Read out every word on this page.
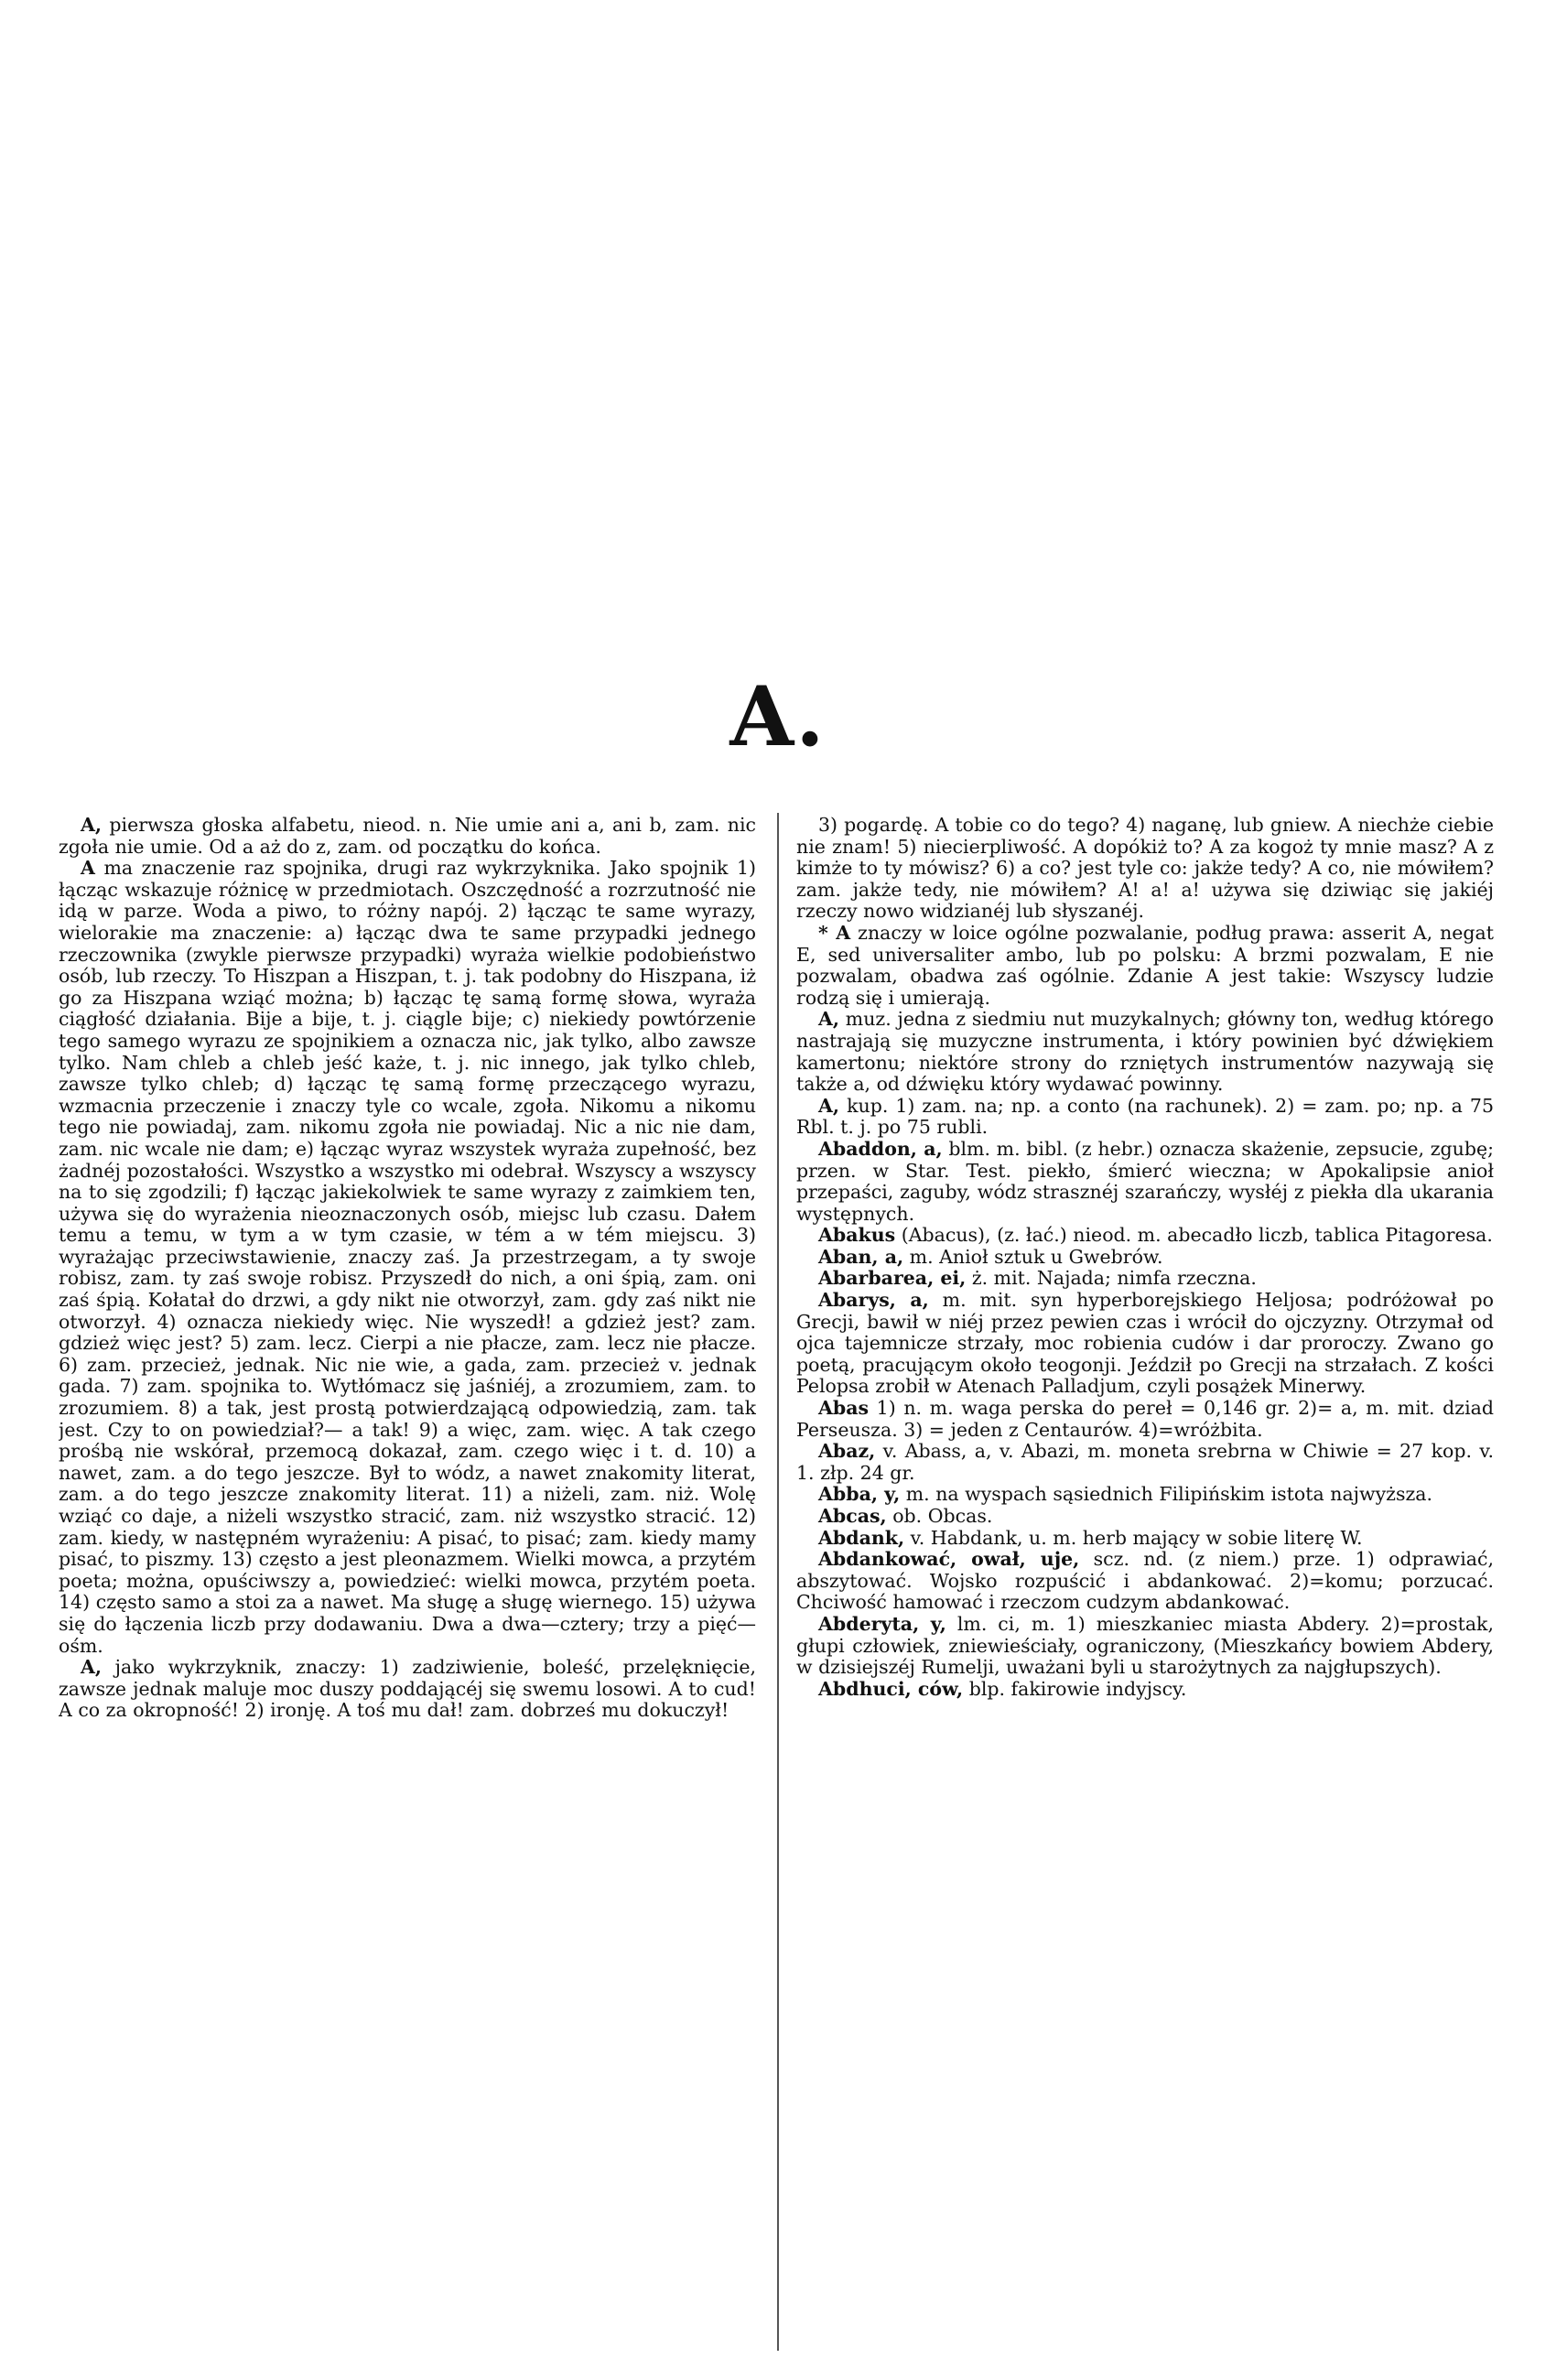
A.

A, pierwsza głoska alfabetu, nieod. n. Nie umie ani a, ani b, zam. nic zgoła nie umie. Od a aż do z, zam. od początku do końca.

A ma znaczenie raz spojnika, drugi raz wykrzyknika. Jako spojnik 1) łącząc wskazuje różnicę w przedmiotach. Oszczędność a rozrzutność nie idą w parze. Woda a piwo, to różny napój. 2) łącząc te same wyrazy, wielorakie ma znaczenie: a) łącząc dwa te same przypadki jednego rzeczownika (zwykle pierwsze przypadki) wyraża wielkie podobieństwo osób, lub rzeczy. To Hiszpan a Hiszpan, t. j. tak podobny do Hiszpana, iż go za Hiszpana wziąć można; b) łącząc tę samą formę słowa, wyraża ciągłość działania. Bije a bije, t. j. ciągle bije; c) niekiedy powtórzenie tego samego wyrazu ze spojnikiem a oznacza nic, jak tylko, albo zawsze tylko. Nam chleb a chleb jeść każe, t. j. nic innego, jak tylko chleb, zawsze tylko chleb; d) łącząc tę samą formę przeczącego wyrazu, wzmacnia przeczenie i znaczy tyle co wcale, zgoła. Nikomu a nikomu tego nie powiadaj, zam. nikomu zgoła nie powiadaj. Nic a nic nie dam, zam. nic wcale nie dam; e) łącząc wyraz wszystek wyraża zupełność, bez żadnéj pozostałości. Wszystko a wszystko mi odebrał. Wszyscy a wszyscy na to się zgodzili; f) łącząc jakiekolwiek te same wyrazy z zaimkiem ten, używa się do wyrażenia nieoznaczonych osób, miejsc lub czasu. Dałem temu a temu, w tym a w tym czasie, w tém a w tém miejscu. 3) wyrażając przeciwstawienie, znaczy zaś. Ja przestrzegam, a ty swoje robisz, zam. ty zaś swoje robisz. Przyszedł do nich, a oni śpią, zam. oni zaś śpią. Kołatał do drzwi, a gdy nikt nie otworzył, zam. gdy zaś nikt nie otworzył. 4) oznacza niekiedy więc. Nie wyszedł! a gdzież jest? zam. gdzież więc jest? 5) zam. lecz. Cierpi a nie płacze, zam. lecz nie płacze. 6) zam. przecież, jednak. Nic nie wie, a gada, zam. przecież v. jednak gada. 7) zam. spojnika to. Wytłómacz się jaśniéj, a zrozumiem, zam. to zrozumiem. 8) a tak, jest prostą potwierdzającą odpowiedzią, zam. tak jest. Czy to on powiedział?— a tak! 9) a więc, zam. więc. A tak czego prośbą nie wskórał, przemocą dokazał, zam. czego więc i t. d. 10) a nawet, zam. a do tego jeszcze. Był to wódz, a nawet znakomity literat, zam. a do tego jeszcze znakomity literat. 11) a niżeli, zam. niż. Wolę wziąć co daje, a niżeli wszystko stracić, zam. niż wszystko stracić. 12) zam. kiedy, w następném wyrażeniu: A pisać, to pisać; zam. kiedy mamy pisać, to piszmy. 13) często a jest pleonazmem. Wielki mowca, a przytém poeta; można, opuściwszy a, powiedzieć: wielki mowca, przytém poeta. 14) często samo a stoi za a nawet. Ma sługę a sługę wiernego. 15) używa się do łączenia liczb przy dodawaniu. Dwa a dwa—cztery; trzy a pięć—ośm.

A, jako wykrzyknik, znaczy: 1) zadziwienie, boleść, przelęknięcie, zawsze jednak maluje moc duszy poddającéj się swemu losowi. A to cud! A co za okropność! 2) ironję. A toś mu dał! zam. dobrześ mu dokuczył!

3) pogardę. A tobie co do tego? 4) naganę, lub gniew. A niechże ciebie nie znam! 5) niecierpliwość. A dopókiż to? A za kogoż ty mnie masz? A z kimże to ty mówisz? 6) a co? jest tyle co: jakże tedy? A co, nie mówiłem? zam. jakże tedy, nie mówiłem? A! a! a! używa się dziwiąc się jakiéj rzeczy nowo widzianéj lub słyszanéj.

* A znaczy w loice ogólne pozwalanie, podług prawa: asserit A, negat E, sed universaliter ambo, lub po polsku: A brzmi pozwalam, E nie pozwalam, obadwa zaś ogólnie. Zdanie A jest takie: Wszyscy ludzie rodzą się i umierają.

A, muz. jedna z siedmiu nut muzykalnych; główny ton, według którego nastrajają się muzyczne instrumenta, i który powinien być dźwiękiem kamertonu; niektóre strony do rzniętych instrumentów nazywają się także a, od dźwięku który wydawać powinny.

A, kup. 1) zam. na; np. a conto (na rachunek). 2) = zam. po; np. a 75 Rbl. t. j. po 75 rubli.

Abaddon, a, blm. m. bibl. (z hebr.) oznacza skażenie, zepsucie, zgubę; przen. w Star. Test. piekło, śmierć wieczna; w Apokalipsie anioł przepaści, zaguby, wódz strasznéj szarańczy, wysłéj z piekła dla ukarania występnych.

Abakus (Abacus), (z. łać.) nieod. m. abecadło liczb, tablica Pitagoresa.

Aban, a, m. Anioł sztuk u Gwebrów.

Abarbarea, ei, ż. mit. Najada; nimfa rzeczna.

Abarys, a, m. mit. syn hyperborejskiego Heljosa; podróżował po Grecji, bawił w niéj przez pewien czas i wrócił do ojczyzny. Otrzymał od ojca tajemnicze strzały, moc robienia cudów i dar proroczy. Zwano go poetą, pracującym około teogonji. Jeździł po Grecji na strzałach. Z kości Pelopsa zrobił w Atenach Palladjum, czyli posążek Minerwy.

Abas 1) n. m. waga perska do pereł = 0,146 gr. 2)= a, m. mit. dziad Perseusza. 3) = jeden z Centaurów. 4)=wróżbita.

Abaz, v. Abass, a, v. Abazi, m. moneta srebrna w Chiwie = 27 kop. v. 1. złp. 24 gr.

Abba, y, m. na wyspach sąsiednich Filipińskim istota najwyższa.

Abcas, ob. Obcas.

Abdank, v. Habdank, u. m. herb mający w sobie literę W.

Abdankować, ował, uje, scz. nd. (z niem.) prze. 1) odprawiać, abszytować. Wojsko rozpuścić i abdankować. 2)=komu; porzucać. Chciwość hamować i rzeczom cudzym abdankować.

Abderyta, y, lm. ci, m. 1) mieszkaniec miasta Abdery. 2)=prostak, głupi człowiek, zniewieściały, ograniczony, (Mieszkańcy bowiem Abdery, w dzisiejszéj Rumelji, uważani byli u starożytnych za najgłupszych).

Abdhuci, ców, blp. fakirowie indyjscy.
